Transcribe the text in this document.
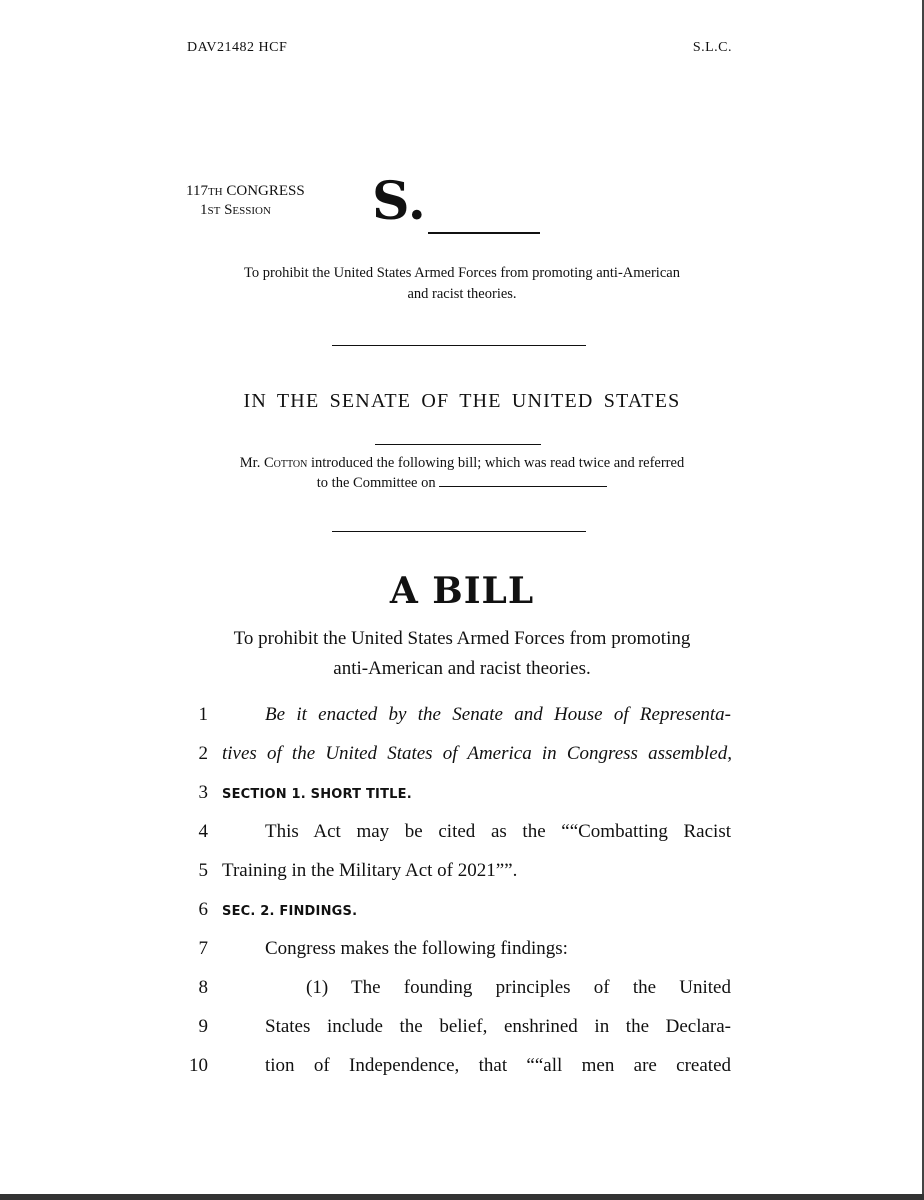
DAV21482 HCF	S.L.C.
117th CONGRESS
1st Session	S.
To prohibit the United States Armed Forces from promoting anti-American
and racist theories.
IN THE SENATE OF THE UNITED STATES
Mr. Cotton introduced the following bill; which was read twice and referred
to the Committee on
A BILL
To prohibit the United States Armed Forces from promoting
anti-American and racist theories.
1	Be it enacted by the Senate and House of Representa-
2 tives of the United States of America in Congress assembled,
3 SECTION 1. SHORT TITLE.
4	This Act may be cited as the ““Combatting Racist
5 Training in the Military Act of 2021””.
6 SEC. 2. FINDINGS.
7	Congress makes the following findings:
8	(1) The founding principles of the United
9	States include the belief, enshrined in the Declara-
10	tion of Independence, that ““all men are created
